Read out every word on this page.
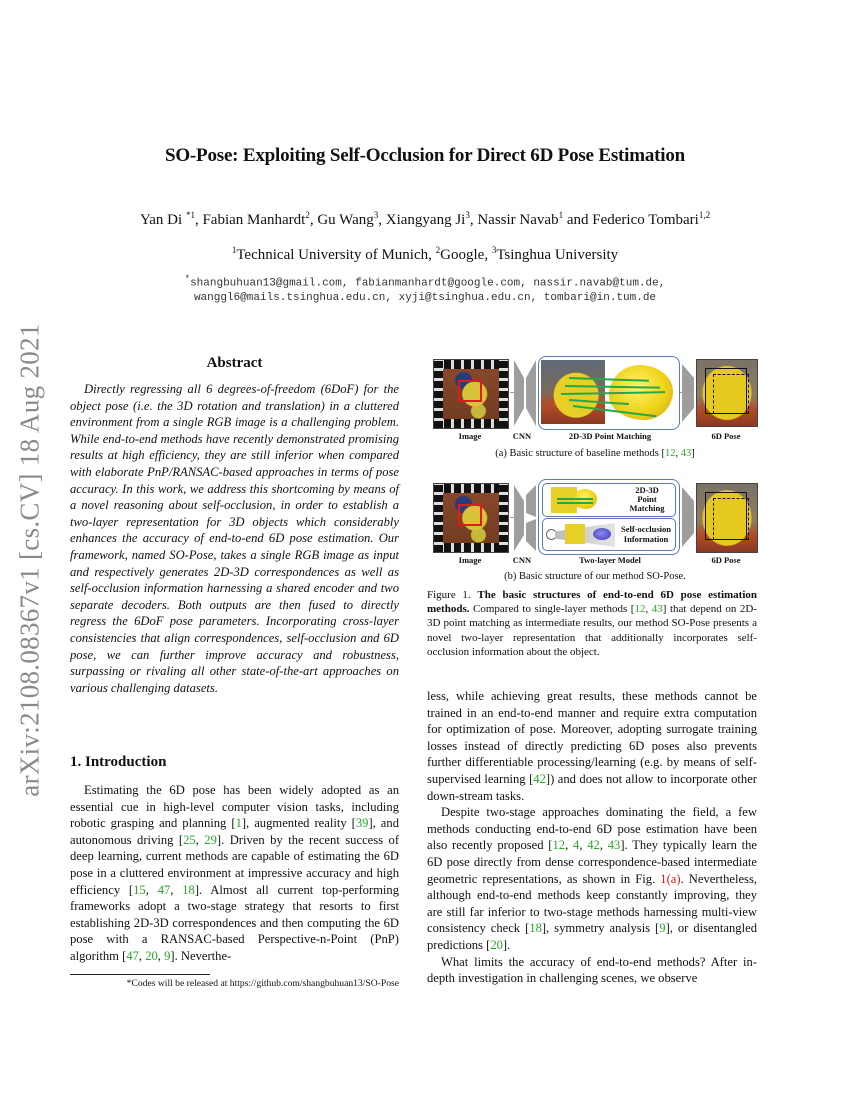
arXiv:2108.08367v1 [cs.CV] 18 Aug 2021
SO-Pose: Exploiting Self-Occlusion for Direct 6D Pose Estimation
Yan Di $^{*1}$, Fabian Manhardt$^2$, Gu Wang$^3$, Xiangyang Ji$^3$, Nassir Navab$^1$ and Federico Tombari$^{1,2}$
$^1$Technical University of Munich, $^2$Google, $^3$Tsinghua University
*shangbuhuan13@gmail.com, fabianmanhardt@google.com, nassir.navab@tum.de,
wanggl6@mails.tsinghua.edu.cn, xyji@tsinghua.edu.cn, tombari@in.tum.de
Abstract
Directly regressing all 6 degrees-of-freedom (6DoF) for the object pose (i.e. the 3D rotation and translation) in a cluttered environment from a single RGB image is a challenging problem. While end-to-end methods have recently demonstrated promising results at high efficiency, they are still inferior when compared with elaborate PnP/RANSAC-based approaches in terms of pose accuracy. In this work, we address this shortcoming by means of a novel reasoning about self-occlusion, in order to establish a two-layer representation for 3D objects which considerably enhances the accuracy of end-to-end 6D pose estimation. Our framework, named SO-Pose, takes a single RGB image as input and respectively generates 2D-3D correspondences as well as self-occlusion information harnessing a shared encoder and two separate decoders. Both outputs are then fused to directly regress the 6DoF pose parameters. Incorporating cross-layer consistencies that align correspondences, self-occlusion and 6D pose, we can further improve accuracy and robustness, surpassing or rivaling all other state-of-the-art approaches on various challenging datasets.
1. Introduction
Estimating the 6D pose has been widely adopted as an essential cue in high-level computer vision tasks, including robotic grasping and planning [1], augmented reality [39], and autonomous driving [25, 29]. Driven by the recent success of deep learning, current methods are capable of estimating the 6D pose in a cluttered environment at impressive accuracy and high efficiency [15, 47, 18]. Almost all current top-performing frameworks adopt a two-stage strategy that resorts to first establishing 2D-3D correspondences and then computing the 6D pose with a RANSAC-based Perspective-n-Point (PnP) algorithm [47, 20, 9]. Neverthe-
*Codes will be released at https://github.com/shangbuhuan13/SO-Pose
Image	CNN	2D-3D Point Matching	6D Pose
(a) Basic structure of baseline methods [12, 43]
2D-3D
Point
Matching
Self-occlusion
Information
Image	CNN	Two-layer Model	6D Pose
(b) Basic structure of our method SO-Pose.
Figure 1. The basic structures of end-to-end 6D pose estimation methods. Compared to single-layer methods [12, 43] that depend on 2D-3D point matching as intermediate results, our method SO-Pose presents a novel two-layer representation that additionally incorporates self-occlusion information about the object.
less, while achieving great results, these methods cannot be trained in an end-to-end manner and require extra computation for optimization of pose. Moreover, adopting surrogate training losses instead of directly predicting 6D poses also prevents further differentiable processing/learning (e.g. by means of self-supervised learning [42]) and does not allow to incorporate other down-stream tasks.
Despite two-stage approaches dominating the field, a few methods conducting end-to-end 6D pose estimation have been also recently proposed [12, 4, 42, 43]. They typically learn the 6D pose directly from dense correspondence-based intermediate geometric representations, as shown in Fig. 1(a). Nevertheless, although end-to-end methods keep constantly improving, they are still far inferior to two-stage methods harnessing multi-view consistency check [18], symmetry analysis [9], or disentangled predictions [20].
What limits the accuracy of end-to-end methods? After in-depth investigation in challenging scenes, we observe
